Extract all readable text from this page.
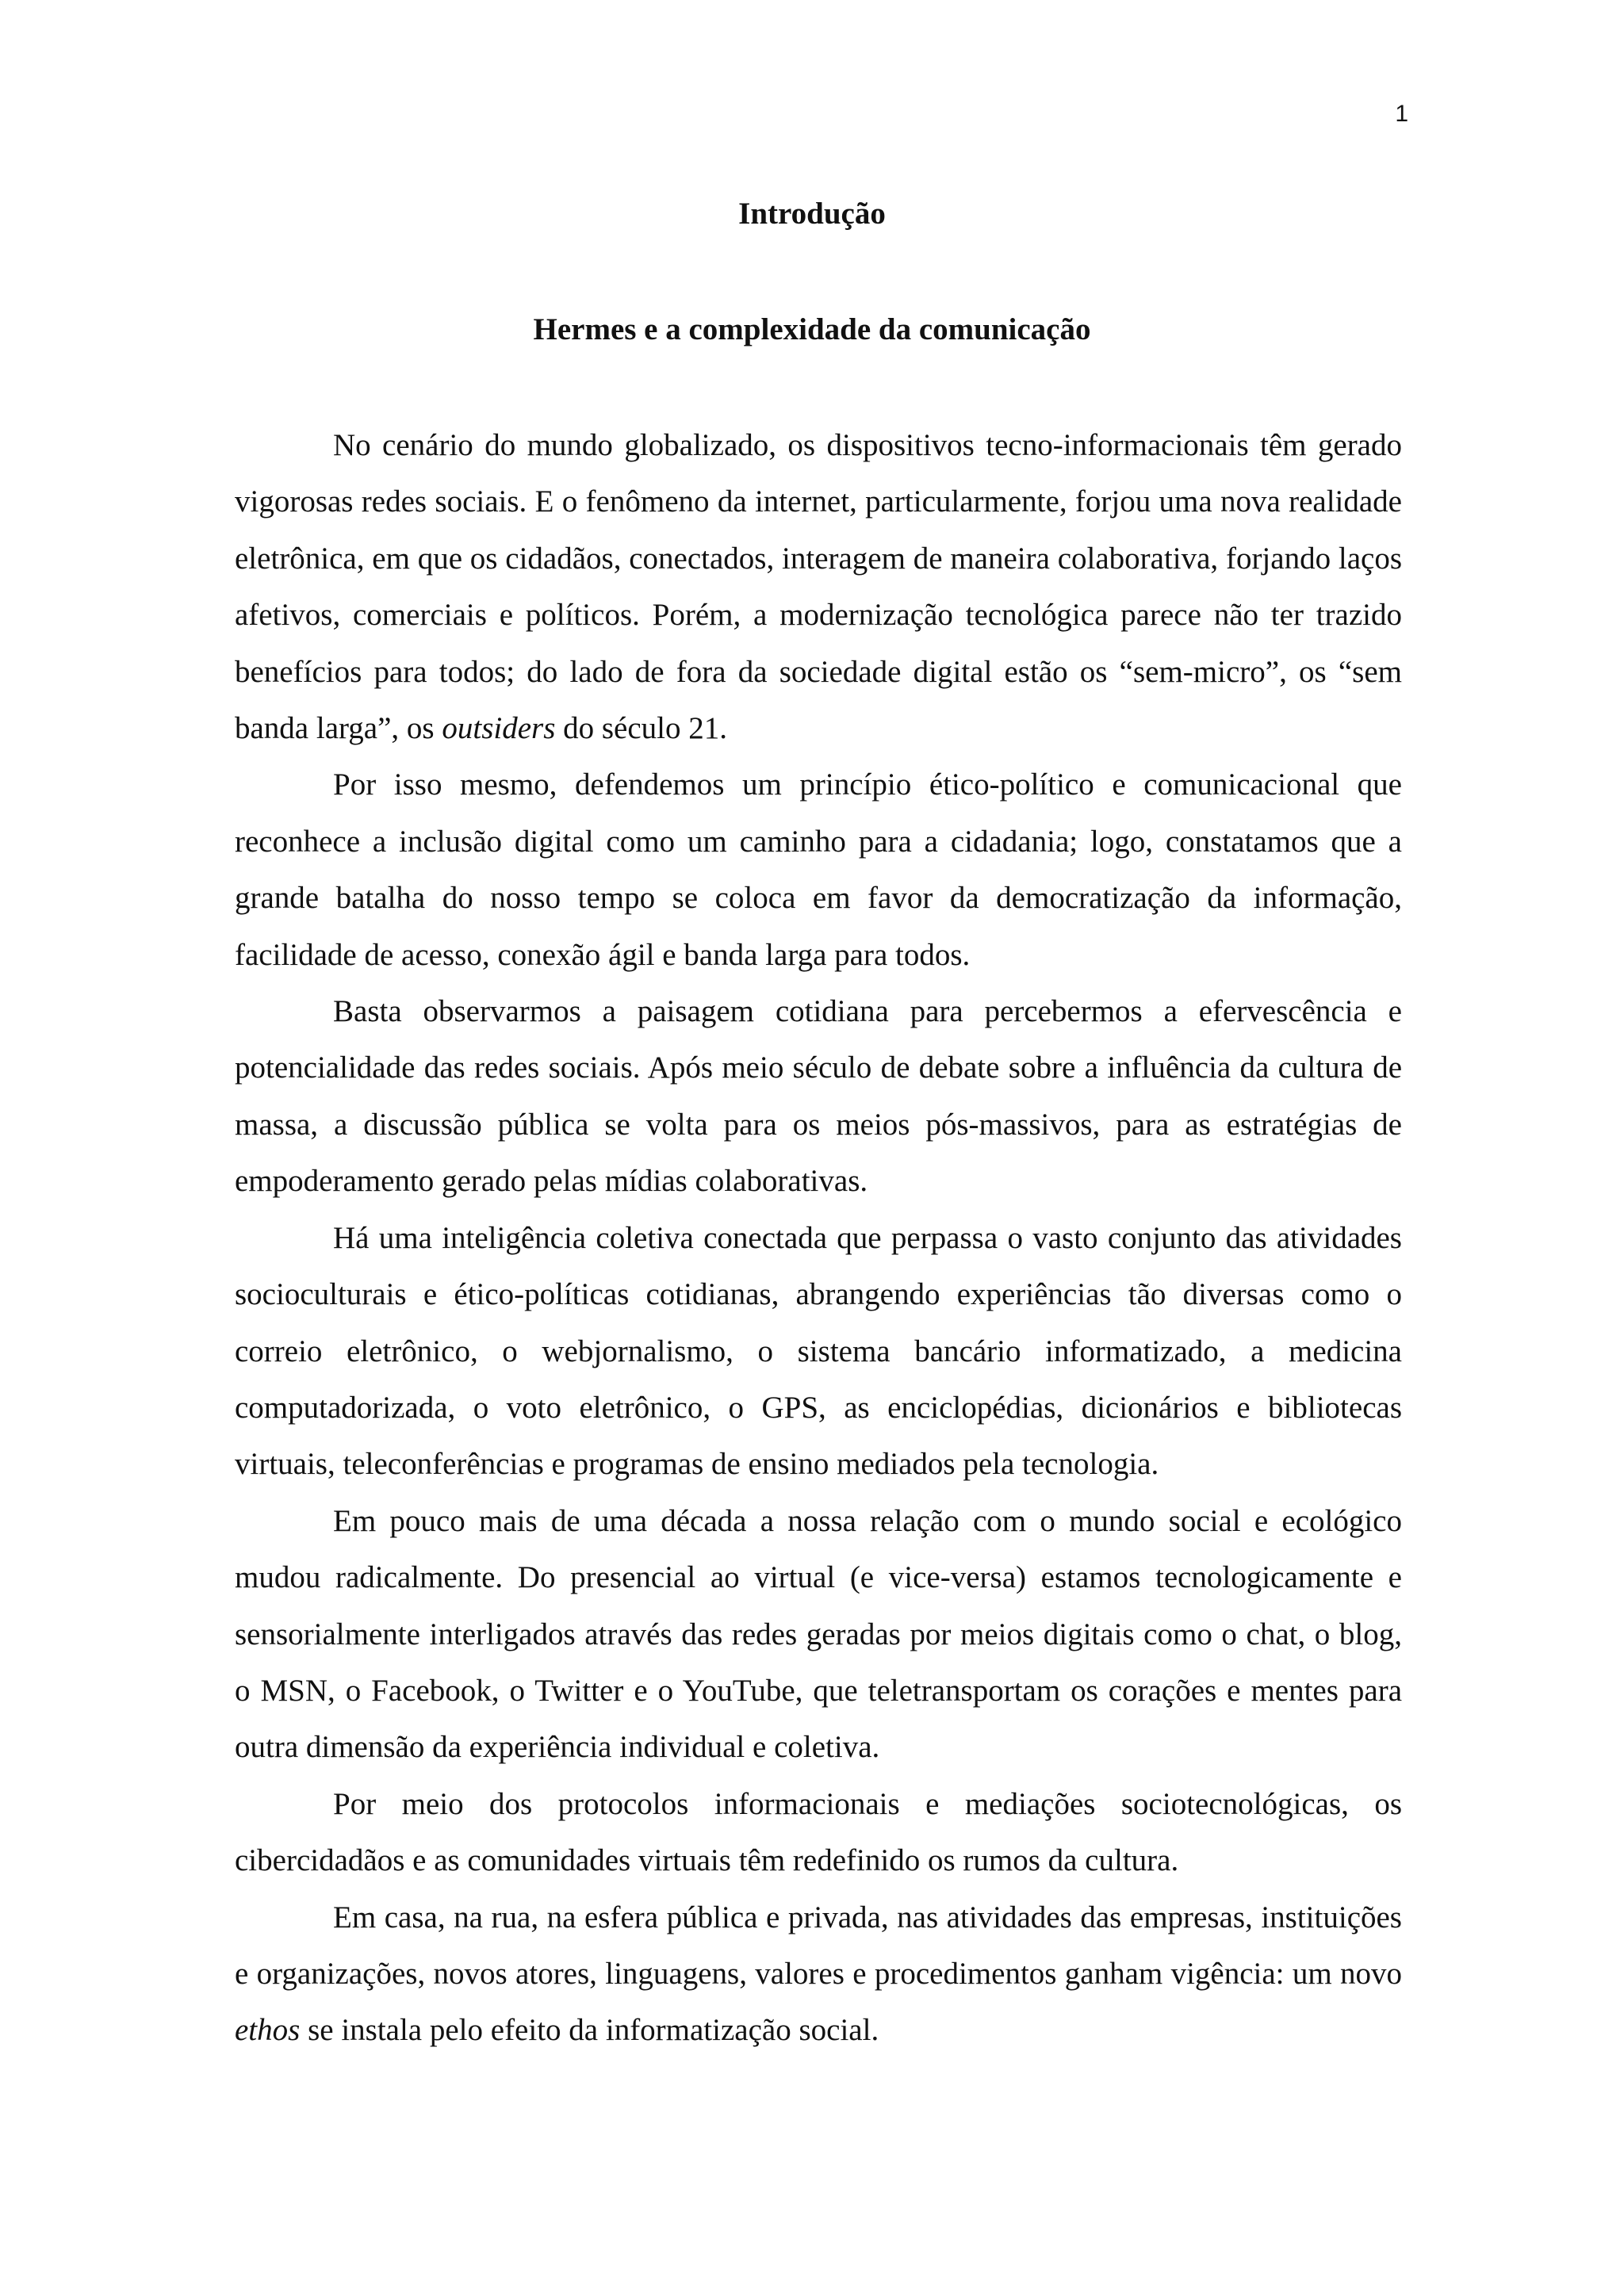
1
Introdução
Hermes e a complexidade da comunicação

No cenário do mundo globalizado, os dispositivos tecno-informacionais têm gerado vigorosas redes sociais. E o fenômeno da internet, particularmente, forjou uma nova realidade eletrônica, em que os cidadãos, conectados, interagem de maneira colaborativa, forjando laços afetivos, comerciais e políticos. Porém, a modernização tecnológica parece não ter trazido benefícios para todos; do lado de fora da sociedade digital estão os “sem-micro”, os “sem banda larga”, os outsiders do século 21.

Por isso mesmo, defendemos um princípio ético-político e comunicacional que reconhece a inclusão digital como um caminho para a cidadania; logo, constatamos que a grande batalha do nosso tempo se coloca em favor da democratização da informação, facilidade de acesso, conexão ágil e banda larga para todos.

Basta observarmos a paisagem cotidiana para percebermos a efervescência e potencialidade das redes sociais. Após meio século de debate sobre a influência da cultura de massa, a discussão pública se volta para os meios pós-massivos, para as estratégias de empoderamento gerado pelas mídias colaborativas.

Há uma inteligência coletiva conectada que perpassa o vasto conjunto das atividades socioculturais e ético-políticas cotidianas, abrangendo experiências tão diversas como o correio eletrônico, o webjornalismo, o sistema bancário informatizado, a medicina computadorizada, o voto eletrônico, o GPS, as enciclopédias, dicionários e bibliotecas virtuais, teleconferências e programas de ensino mediados pela tecnologia.

Em pouco mais de uma década a nossa relação com o mundo social e ecológico mudou radicalmente. Do presencial ao virtual (e vice-versa) estamos tecnologicamente e sensorialmente interligados através das redes geradas por meios digitais como o chat, o blog, o MSN, o Facebook, o Twitter e o YouTube, que teletransportam os corações e mentes para outra dimensão da experiência individual e coletiva.

Por meio dos protocolos informacionais e mediações sociotecnológicas, os cibercidadãos e as comunidades virtuais têm redefinido os rumos da cultura.

Em casa, na rua, na esfera pública e privada, nas atividades das empresas, instituições e organizações, novos atores, linguagens, valores e procedimentos ganham vigência: um novo ethos se instala pelo efeito da informatização social.
